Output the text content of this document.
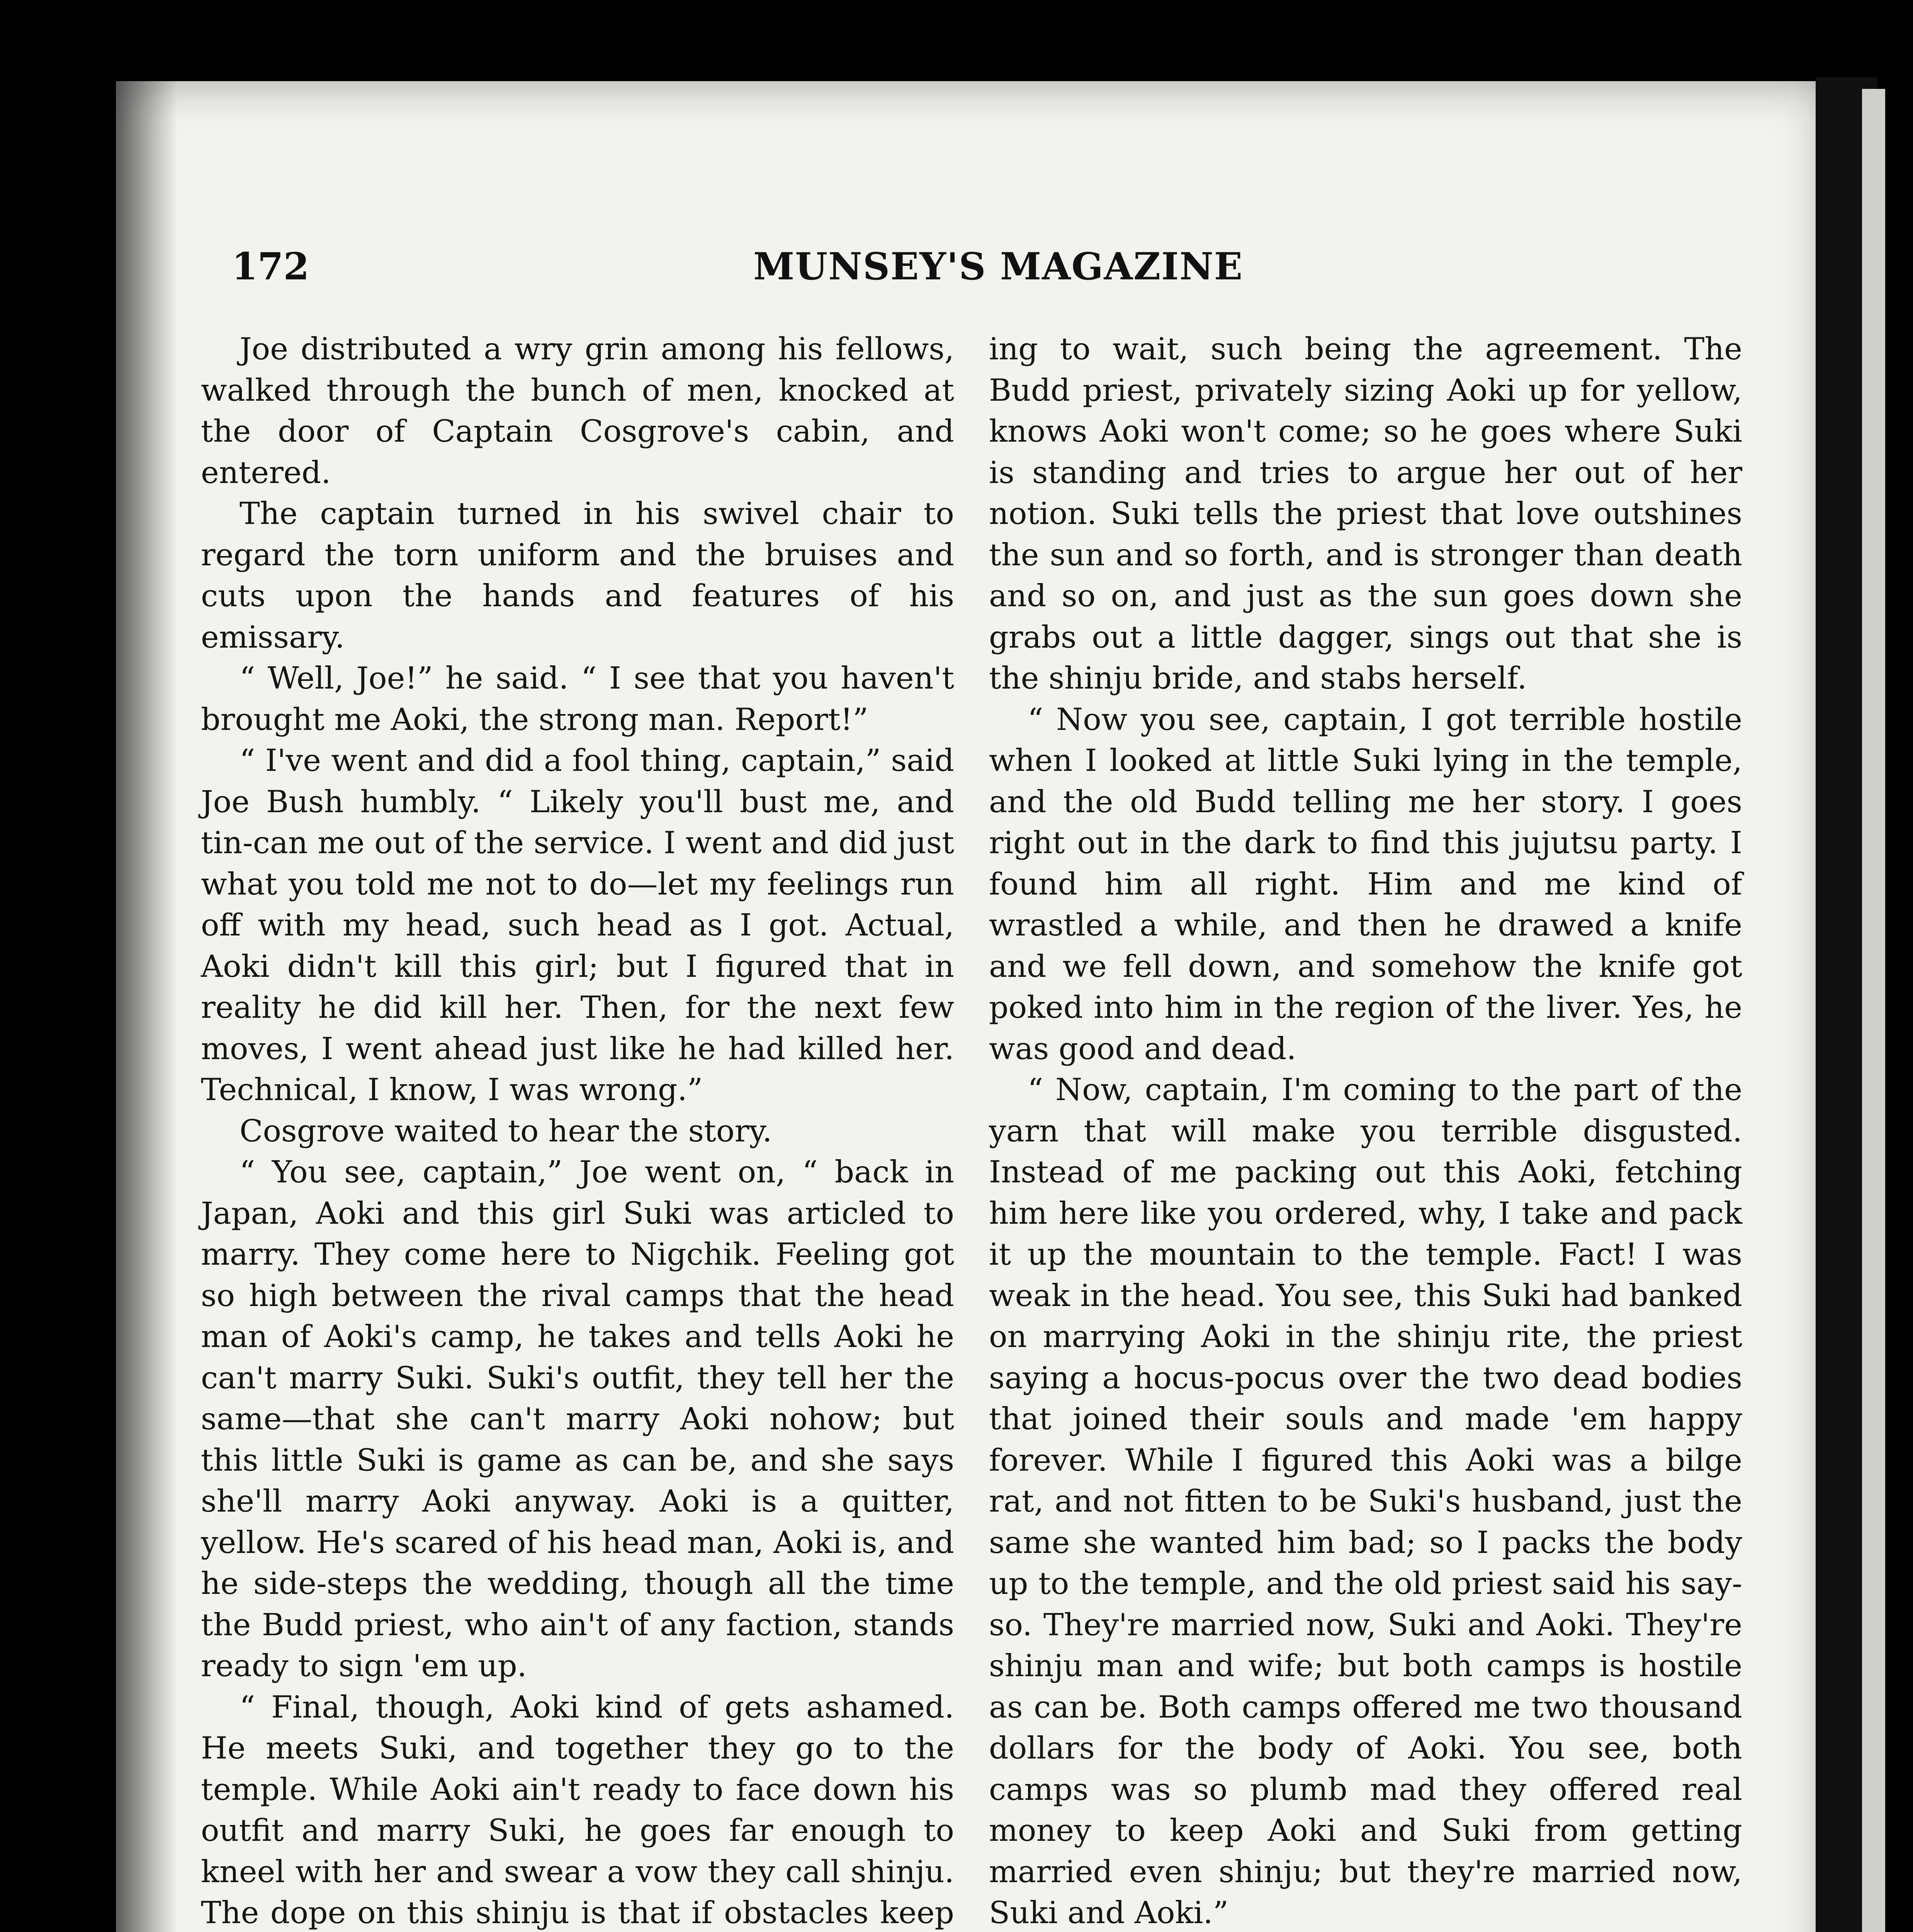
172	MUNSEY'S MAGAZINE

Joe distributed a wry grin among his fellows, walked through the bunch of men, knocked at the door of Captain Cosgrove's cabin, and entered.

The captain turned in his swivel chair to regard the torn uniform and the bruises and cuts upon the hands and features of his emissary.

“ Well, Joe!” he said. “ I see that you haven't brought me Aoki, the strong man. Report!”

“ I've went and did a fool thing, captain,” said Joe Bush humbly. “ Likely you'll bust me, and tin-can me out of the service. I went and did just what you told me not to do—let my feelings run off with my head, such head as I got. Actual, Aoki didn't kill this girl; but I figured that in reality he did kill her. Then, for the next few moves, I went ahead just like he had killed her. Technical, I know, I was wrong.”

Cosgrove waited to hear the story.

“ You see, captain,” Joe went on, “ back in Japan, Aoki and this girl Suki was articled to marry. They come here to Nigchik. Feeling got so high between the rival camps that the head man of Aoki's camp, he takes and tells Aoki he can't marry Suki. Suki's outfit, they tell her the same—that she can't marry Aoki nohow; but this little Suki is game as can be, and she says she'll marry Aoki anyway. Aoki is a quitter, yellow. He's scared of his head man, Aoki is, and he side-steps the wedding, though all the time the Budd priest, who ain't of any faction, stands ready to sign 'em up.

“ Final, though, Aoki kind of gets ashamed. He meets Suki, and together they go to the temple. While Aoki ain't ready to face down his outfit and marry Suki, he goes far enough to kneel with her and swear a vow they call shinju. The dope on this shinju is that if obstacles keep

ing to wait, such being the agreement. The Budd priest, privately sizing Aoki up for yellow, knows Aoki won't come; so he goes where Suki is standing and tries to argue her out of her notion. Suki tells the priest that love outshines the sun and so forth, and is stronger than death and so on, and just as the sun goes down she grabs out a little dagger, sings out that she is the shinju bride, and stabs herself.

“ Now you see, captain, I got terrible hostile when I looked at little Suki lying in the temple, and the old Budd telling me her story. I goes right out in the dark to find this jujutsu party. I found him all right. Him and me kind of wrastled a while, and then he drawed a knife and we fell down, and somehow the knife got poked into him in the region of the liver. Yes, he was good and dead.

“ Now, captain, I'm coming to the part of the yarn that will make you terrible disgusted. Instead of me packing out this Aoki, fetching him here like you ordered, why, I take and pack it up the mountain to the temple. Fact! I was weak in the head. You see, this Suki had banked on marrying Aoki in the shinju rite, the priest saying a hocus-pocus over the two dead bodies that joined their souls and made 'em happy forever. While I figured this Aoki was a bilge rat, and not fitten to be Suki's husband, just the same she wanted him bad; so I packs the body up to the temple, and the old priest said his say-so. They're married now, Suki and Aoki. They're shinju man and wife; but both camps is hostile as can be. Both camps offered me two thousand dollars for the body of Aoki. You see, both camps was so plumb mad they offered real money to keep Aoki and Suki from getting married even shinju; but they're married now, Suki and Aoki.”
